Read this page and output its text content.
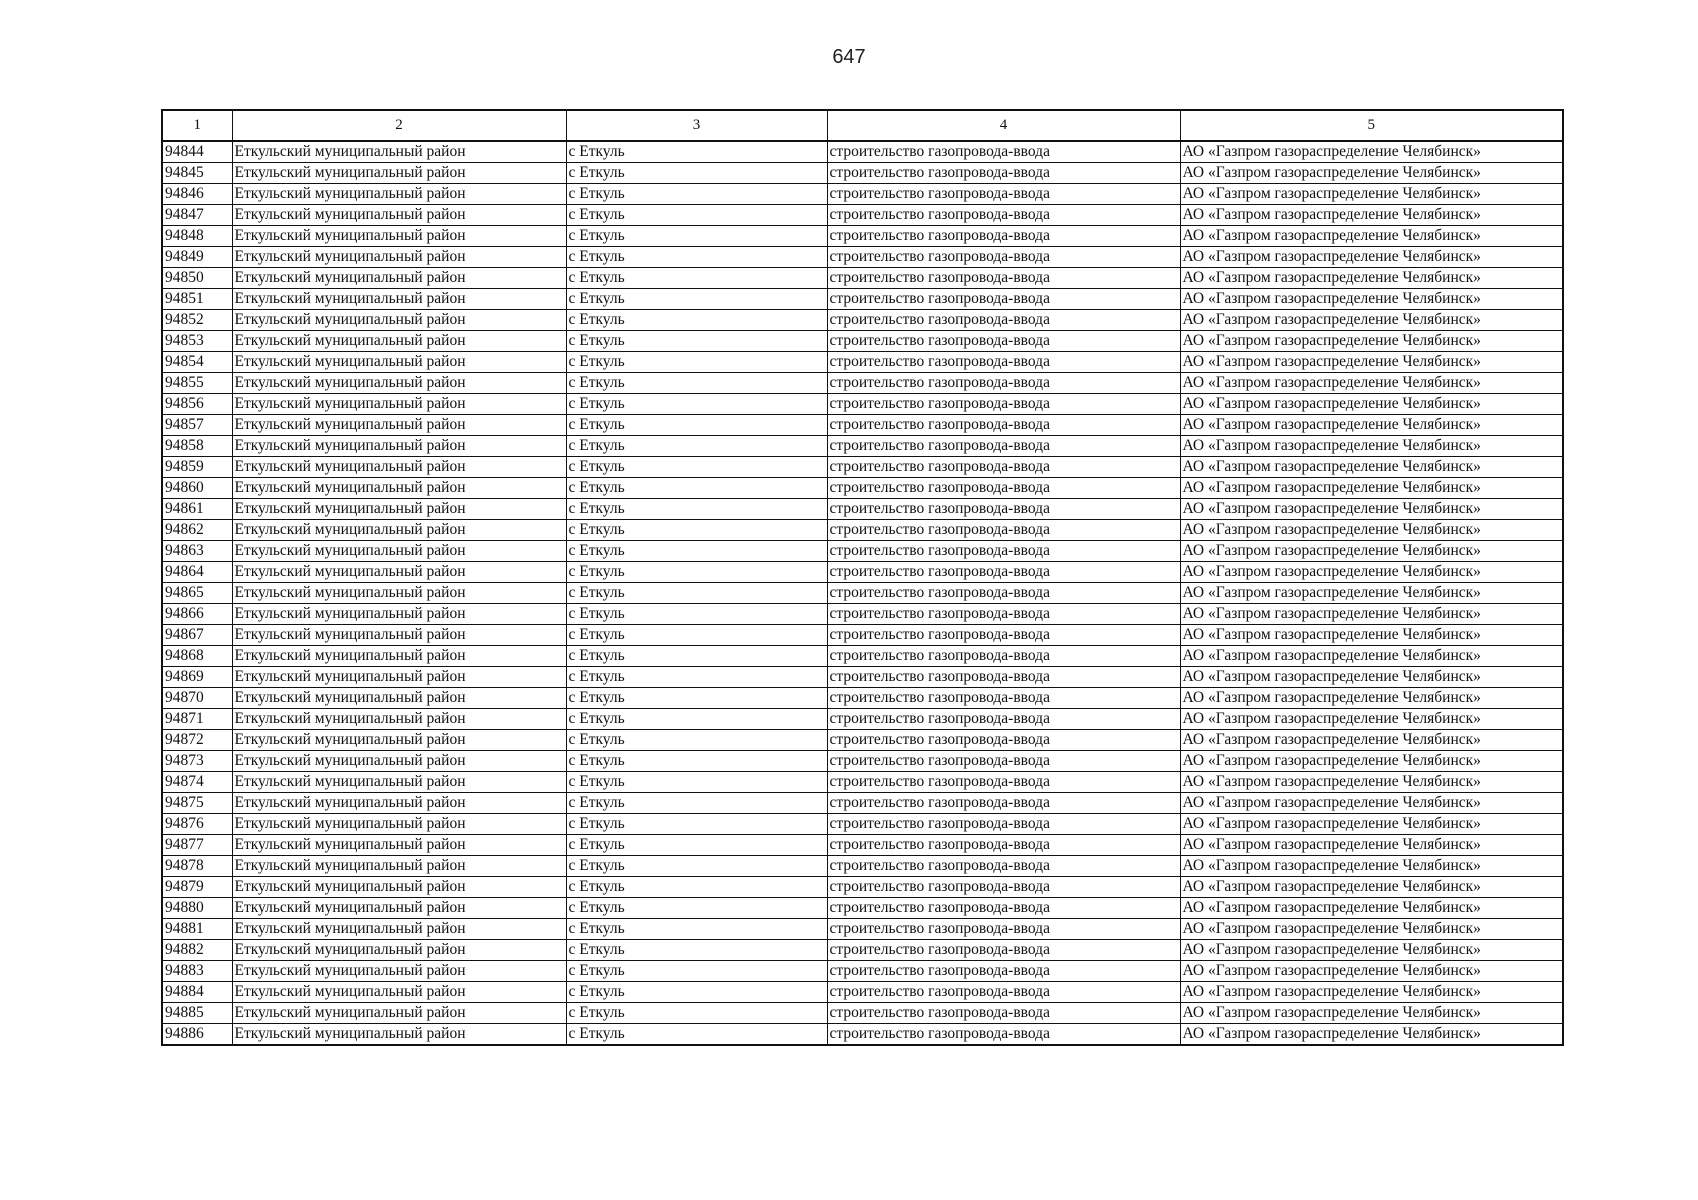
647
1	2	3	4	5
94844	Еткульский муниципальный район	с Еткуль	строительство газопровода-ввода	АО «Газпром газораспределение Челябинск»
94845	Еткульский муниципальный район	с Еткуль	строительство газопровода-ввода	АО «Газпром газораспределение Челябинск»
94846	Еткульский муниципальный район	с Еткуль	строительство газопровода-ввода	АО «Газпром газораспределение Челябинск»
94847	Еткульский муниципальный район	с Еткуль	строительство газопровода-ввода	АО «Газпром газораспределение Челябинск»
94848	Еткульский муниципальный район	с Еткуль	строительство газопровода-ввода	АО «Газпром газораспределение Челябинск»
94849	Еткульский муниципальный район	с Еткуль	строительство газопровода-ввода	АО «Газпром газораспределение Челябинск»
94850	Еткульский муниципальный район	с Еткуль	строительство газопровода-ввода	АО «Газпром газораспределение Челябинск»
94851	Еткульский муниципальный район	с Еткуль	строительство газопровода-ввода	АО «Газпром газораспределение Челябинск»
94852	Еткульский муниципальный район	с Еткуль	строительство газопровода-ввода	АО «Газпром газораспределение Челябинск»
94853	Еткульский муниципальный район	с Еткуль	строительство газопровода-ввода	АО «Газпром газораспределение Челябинск»
94854	Еткульский муниципальный район	с Еткуль	строительство газопровода-ввода	АО «Газпром газораспределение Челябинск»
94855	Еткульский муниципальный район	с Еткуль	строительство газопровода-ввода	АО «Газпром газораспределение Челябинск»
94856	Еткульский муниципальный район	с Еткуль	строительство газопровода-ввода	АО «Газпром газораспределение Челябинск»
94857	Еткульский муниципальный район	с Еткуль	строительство газопровода-ввода	АО «Газпром газораспределение Челябинск»
94858	Еткульский муниципальный район	с Еткуль	строительство газопровода-ввода	АО «Газпром газораспределение Челябинск»
94859	Еткульский муниципальный район	с Еткуль	строительство газопровода-ввода	АО «Газпром газораспределение Челябинск»
94860	Еткульский муниципальный район	с Еткуль	строительство газопровода-ввода	АО «Газпром газораспределение Челябинск»
94861	Еткульский муниципальный район	с Еткуль	строительство газопровода-ввода	АО «Газпром газораспределение Челябинск»
94862	Еткульский муниципальный район	с Еткуль	строительство газопровода-ввода	АО «Газпром газораспределение Челябинск»
94863	Еткульский муниципальный район	с Еткуль	строительство газопровода-ввода	АО «Газпром газораспределение Челябинск»
94864	Еткульский муниципальный район	с Еткуль	строительство газопровода-ввода	АО «Газпром газораспределение Челябинск»
94865	Еткульский муниципальный район	с Еткуль	строительство газопровода-ввода	АО «Газпром газораспределение Челябинск»
94866	Еткульский муниципальный район	с Еткуль	строительство газопровода-ввода	АО «Газпром газораспределение Челябинск»
94867	Еткульский муниципальный район	с Еткуль	строительство газопровода-ввода	АО «Газпром газораспределение Челябинск»
94868	Еткульский муниципальный район	с Еткуль	строительство газопровода-ввода	АО «Газпром газораспределение Челябинск»
94869	Еткульский муниципальный район	с Еткуль	строительство газопровода-ввода	АО «Газпром газораспределение Челябинск»
94870	Еткульский муниципальный район	с Еткуль	строительство газопровода-ввода	АО «Газпром газораспределение Челябинск»
94871	Еткульский муниципальный район	с Еткуль	строительство газопровода-ввода	АО «Газпром газораспределение Челябинск»
94872	Еткульский муниципальный район	с Еткуль	строительство газопровода-ввода	АО «Газпром газораспределение Челябинск»
94873	Еткульский муниципальный район	с Еткуль	строительство газопровода-ввода	АО «Газпром газораспределение Челябинск»
94874	Еткульский муниципальный район	с Еткуль	строительство газопровода-ввода	АО «Газпром газораспределение Челябинск»
94875	Еткульский муниципальный район	с Еткуль	строительство газопровода-ввода	АО «Газпром газораспределение Челябинск»
94876	Еткульский муниципальный район	с Еткуль	строительство газопровода-ввода	АО «Газпром газораспределение Челябинск»
94877	Еткульский муниципальный район	с Еткуль	строительство газопровода-ввода	АО «Газпром газораспределение Челябинск»
94878	Еткульский муниципальный район	с Еткуль	строительство газопровода-ввода	АО «Газпром газораспределение Челябинск»
94879	Еткульский муниципальный район	с Еткуль	строительство газопровода-ввода	АО «Газпром газораспределение Челябинск»
94880	Еткульский муниципальный район	с Еткуль	строительство газопровода-ввода	АО «Газпром газораспределение Челябинск»
94881	Еткульский муниципальный район	с Еткуль	строительство газопровода-ввода	АО «Газпром газораспределение Челябинск»
94882	Еткульский муниципальный район	с Еткуль	строительство газопровода-ввода	АО «Газпром газораспределение Челябинск»
94883	Еткульский муниципальный район	с Еткуль	строительство газопровода-ввода	АО «Газпром газораспределение Челябинск»
94884	Еткульский муниципальный район	с Еткуль	строительство газопровода-ввода	АО «Газпром газораспределение Челябинск»
94885	Еткульский муниципальный район	с Еткуль	строительство газопровода-ввода	АО «Газпром газораспределение Челябинск»
94886	Еткульский муниципальный район	с Еткуль	строительство газопровода-ввода	АО «Газпром газораспределение Челябинск»
